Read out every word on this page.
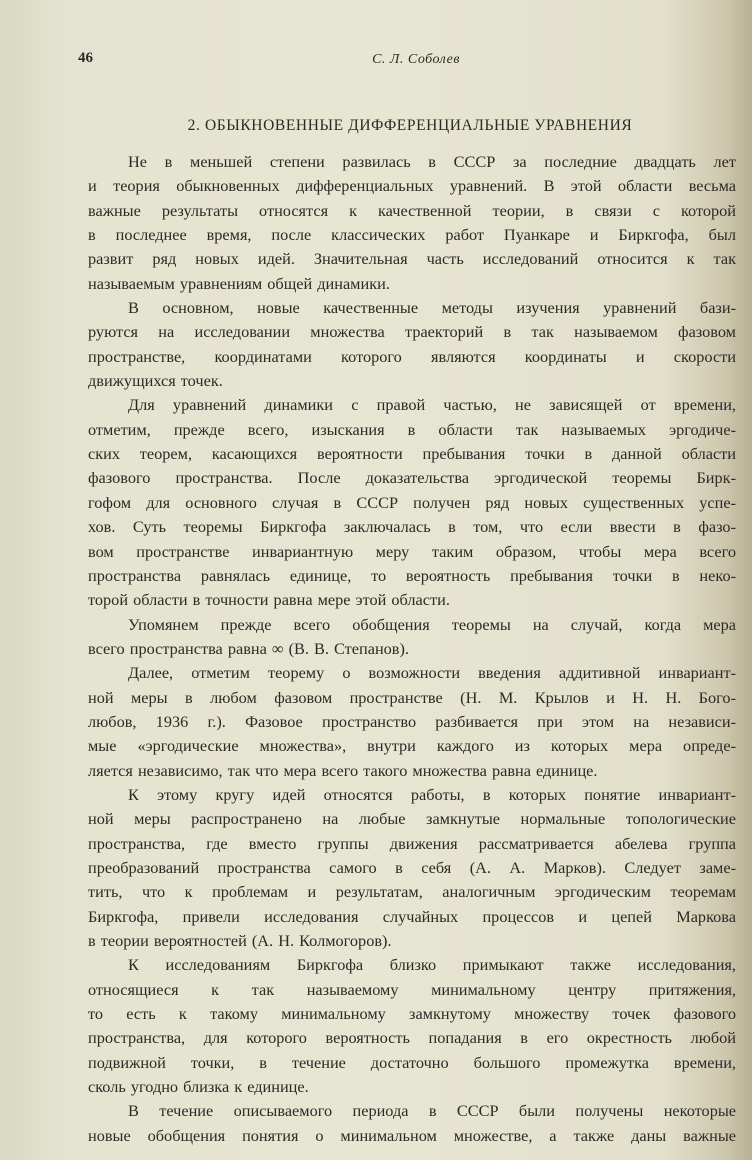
46	С. Л. Соболев
2. ОБЫКНОВЕННЫЕ ДИФФЕРЕНЦИАЛЬНЫЕ УРАВНЕНИЯ
Не в меньшей степени развилась в СССР за последние двадцать лет
и теория обыкновенных дифференциальных уравнений. В этой области весьма
важные результаты относятся к качественной теории, в связи с которой
в последнее время, после классических работ Пуанкаре и Биркгофа, был
развит ряд новых идей. Значительная часть исследований относится к так
называемым уравнениям общей динамики.
В основном, новые качественные методы изучения уравнений бази-
руются на исследовании множества траекторий в так называемом фазовом
пространстве, координатами которого являются координаты и скорости
движущихся точек.
Для уравнений динамики с правой частью, не зависящей от времени,
отметим, прежде всего, изыскания в области так называемых эргодиче-
ских теорем, касающихся вероятности пребывания точки в данной области
фазового пространства. После доказательства эргодической теоремы Бирк-
гофом для основного случая в СССР получен ряд новых существенных успе-
хов. Суть теоремы Биркгофа заключалась в том, что если ввести в фазо-
вом пространстве инвариантную меру таким образом, чтобы мера всего
пространства равнялась единице, то вероятность пребывания точки в неко-
торой области в точности равна мере этой области.
Упомянем прежде всего обобщения теоремы на случай, когда мера
всего пространства равна ∞ (В. В. Степанов).
Далее, отметим теорему о возможности введения аддитивной инвариант-
ной меры в любом фазовом пространстве (Н. М. Крылов и Н. Н. Бого-
любов, 1936 г.). Фазовое пространство разбивается при этом на независи-
мые «эргодические множества», внутри каждого из которых мера опреде-
ляется независимо, так что мера всего такого множества равна единице.
К этому кругу идей относятся работы, в которых понятие инвариант-
ной меры распространено на любые замкнутые нормальные топологические
пространства, где вместо группы движения рассматривается абелева группа
преобразований пространства самого в себя (А. А. Марков). Следует заме-
тить, что к проблемам и результатам, аналогичным эргодическим теоремам
Биркгофа, привели исследования случайных процессов и цепей Маркова
в теории вероятностей (А. Н. Колмогоров).
К исследованиям Биркгофа близко примыкают также исследования,
относящиеся к так называемому минимальному центру притяжения,
то есть к такому минимальному замкнутому множеству точек фазового
пространства, для которого вероятность попадания в его окрестность любой
подвижной точки, в течение достаточно большого промежутка времени,
сколь угодно близка к единице.
В течение описываемого периода в СССР были получены некоторые
новые обобщения понятия о минимальном множестве, а также даны важные
